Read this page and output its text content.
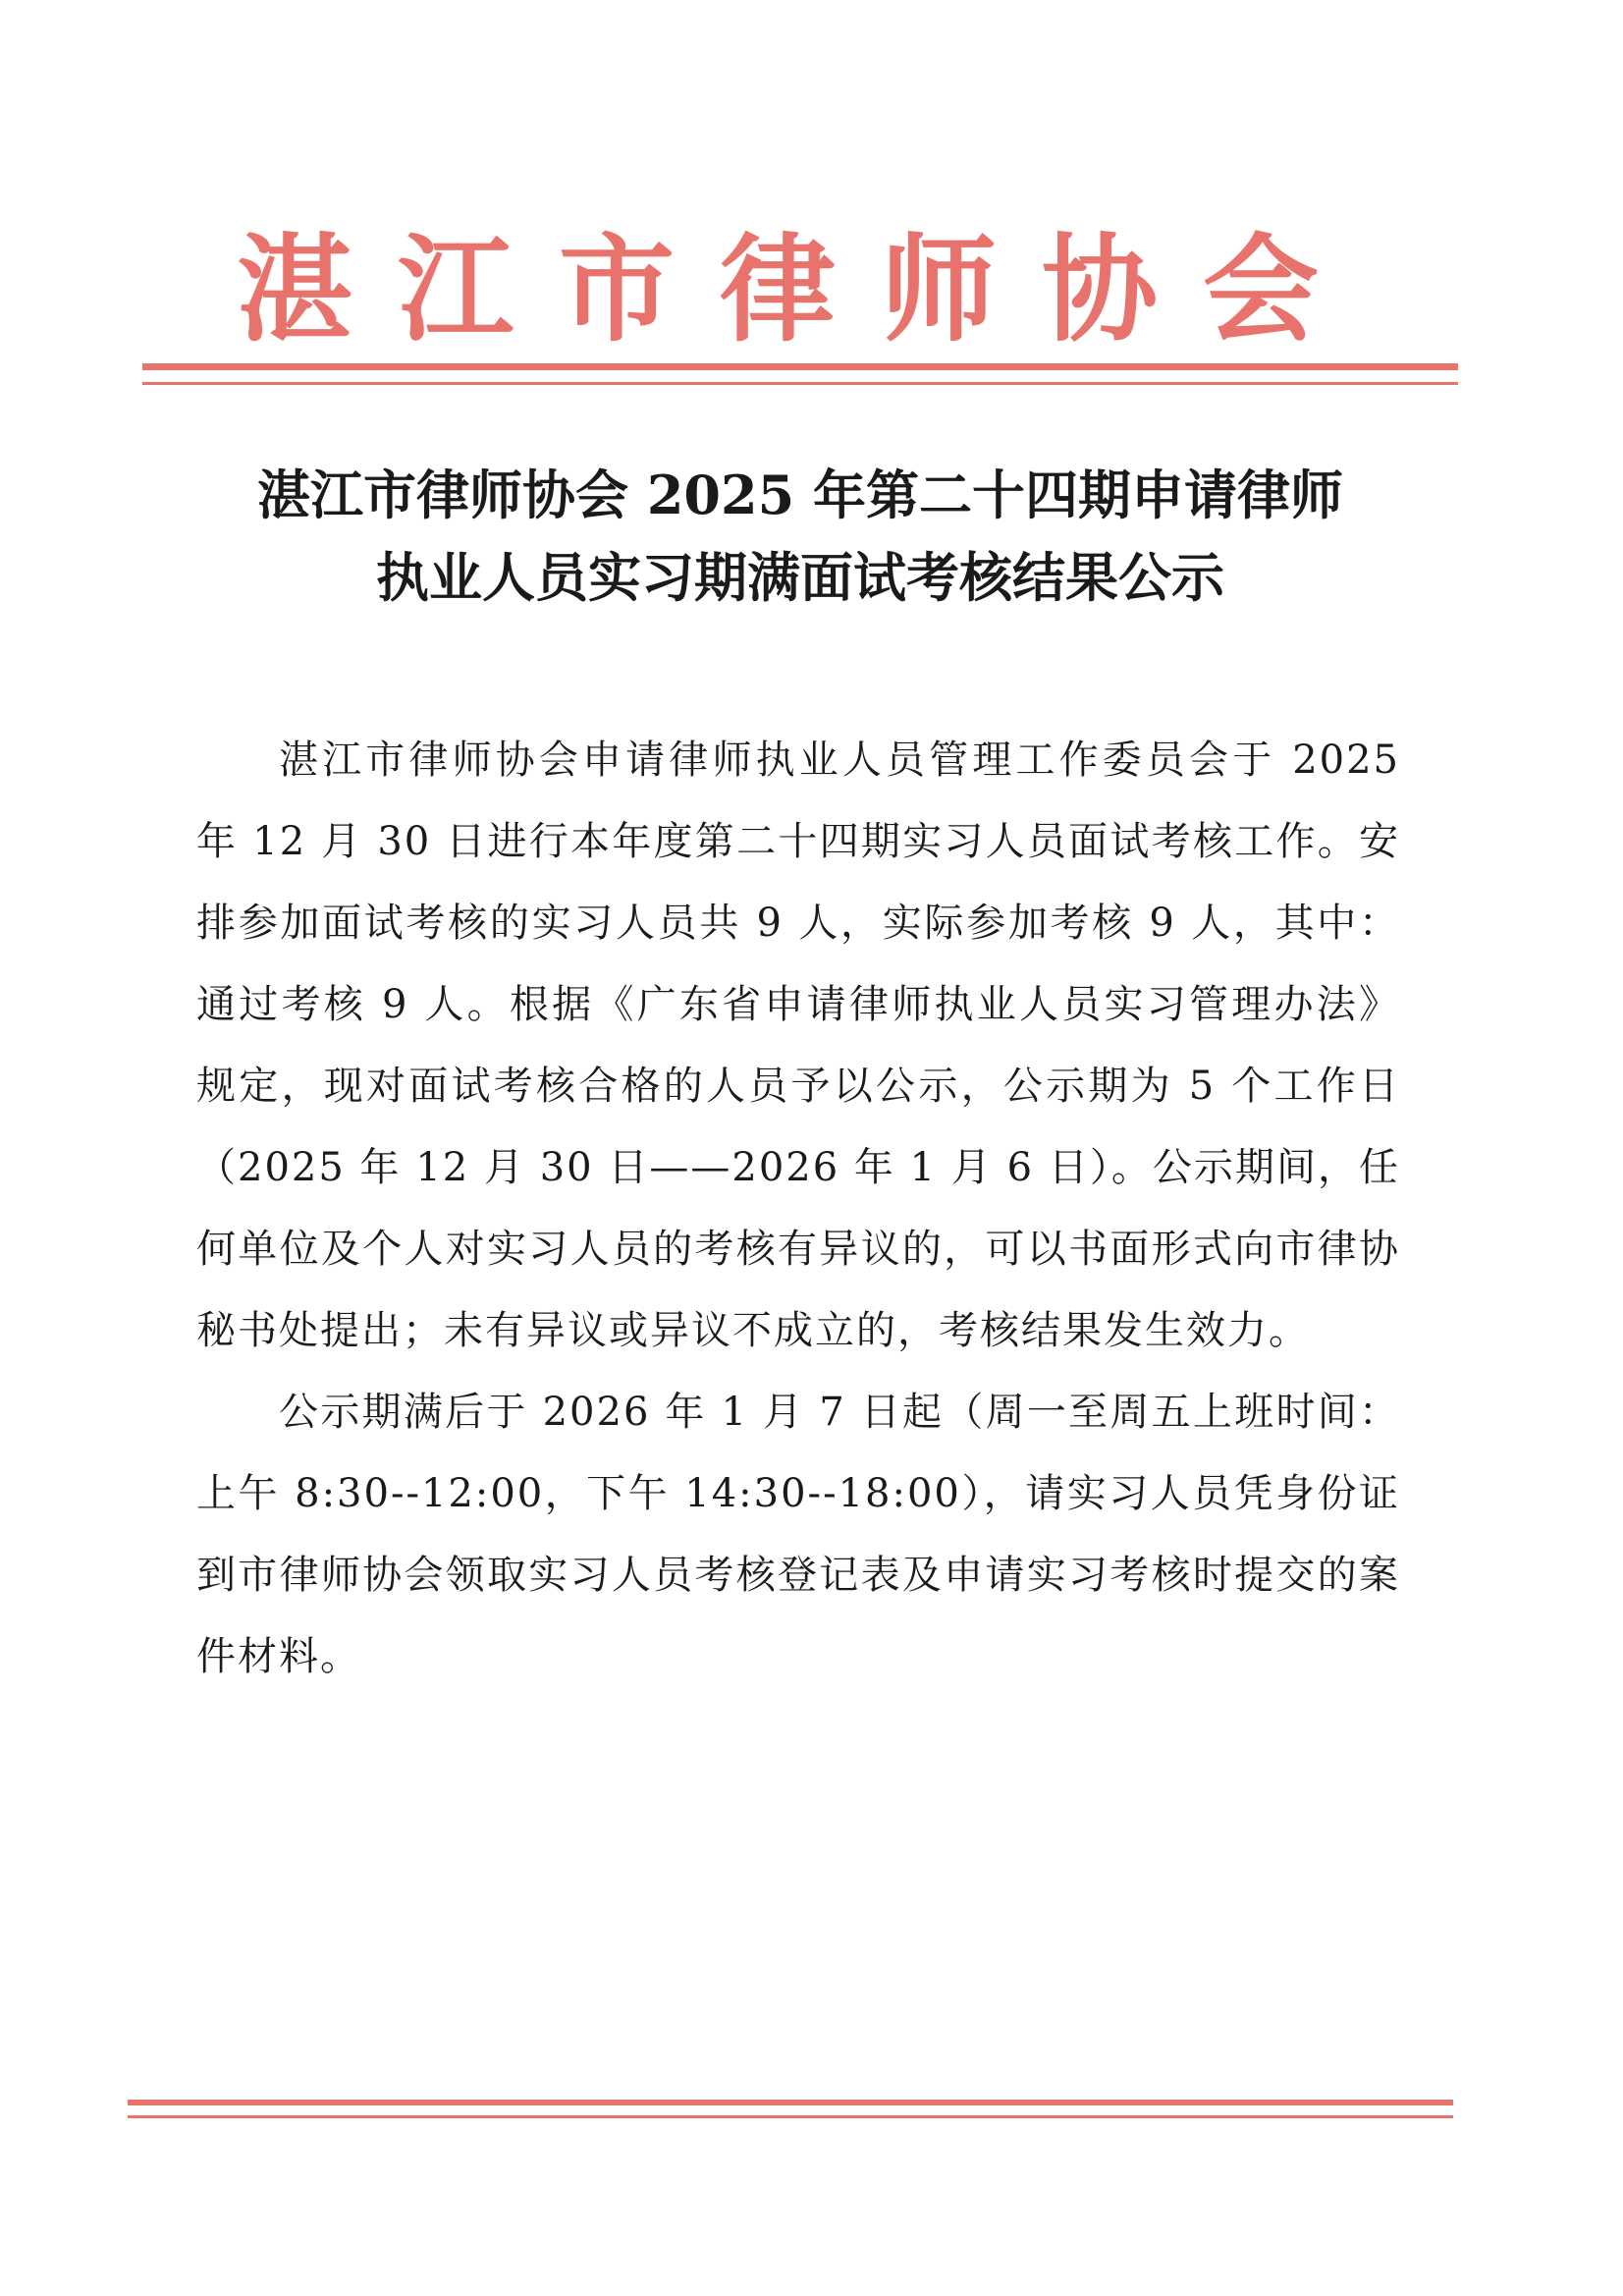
湛江市律师协会
湛江市律师协会 2025 年第二十四期申请律师
执业人员实习期满面试考核结果公示

湛江市律师协会申请律师执业人员管理工作委员会于 2025 年 12 月 30 日进行本年度第二十四期实习人员面试考核工作。安排参加面试考核的实习人员共 9 人，实际参加考核 9 人，其中：通过考核 9 人。根据《广东省申请律师执业人员实习管理办法》规定，现对面试考核合格的人员予以公示，公示期为 5 个工作日（2025 年 12 月 30 日——2026 年 1 月 6 日）。公示期间，任何单位及个人对实习人员的考核有异议的，可以书面形式向市律协秘书处提出；未有异议或异议不成立的，考核结果发生效力。

公示期满后于 2026 年 1 月 7 日起（周一至周五上班时间：上午 8:30--12:00，下午 14:30--18:00），请实习人员凭身份证到市律师协会领取实习人员考核登记表及申请实习考核时提交的案件材料。
